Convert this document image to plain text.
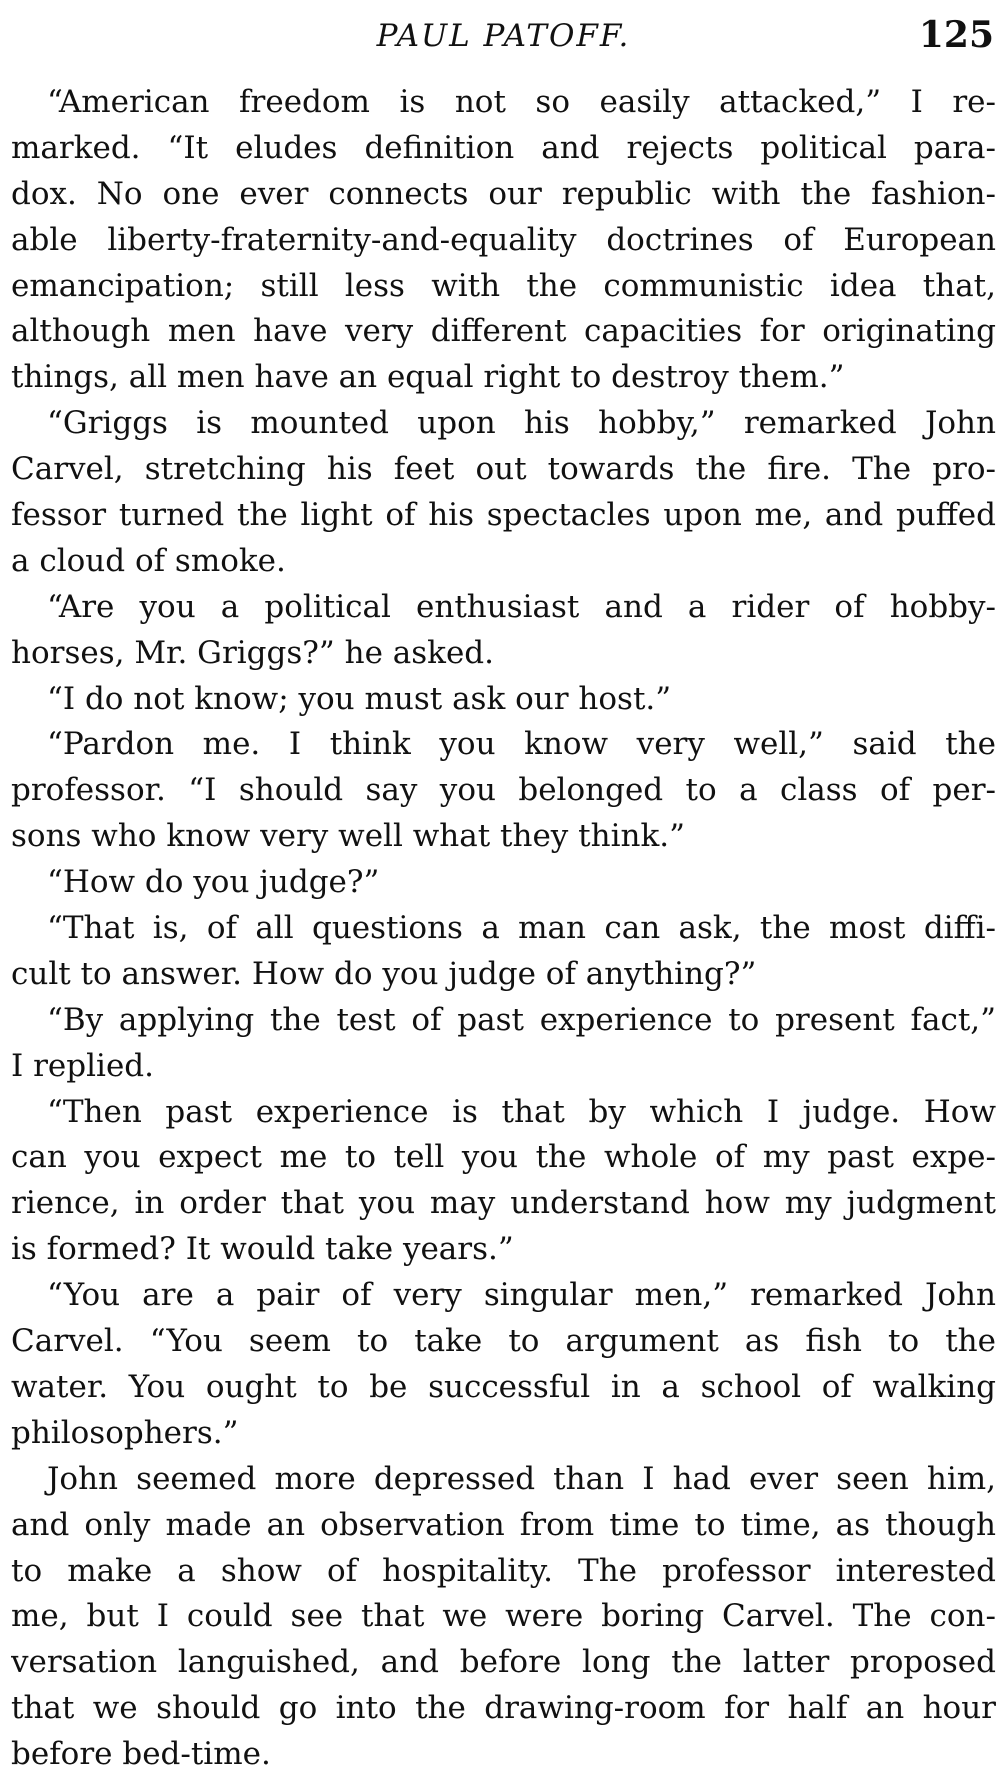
PAUL PATOFF.	125

“American freedom is not so easily attacked,” I re-
marked. “It eludes definition and rejects political para-
dox. No one ever connects our republic with the fashion-
able liberty-fraternity-and-equality doctrines of European
emancipation; still less with the communistic idea that,
although men have very different capacities for originating
things, all men have an equal right to destroy them.”

“Griggs is mounted upon his hobby,” remarked John
Carvel, stretching his feet out towards the fire. The pro-
fessor turned the light of his spectacles upon me, and puffed
a cloud of smoke.

“Are you a political enthusiast and a rider of hobby-
horses, Mr. Griggs?” he asked.

“I do not know; you must ask our host.”

“Pardon me. I think you know very well,” said the
professor. “I should say you belonged to a class of per-
sons who know very well what they think.”

“How do you judge?”

“That is, of all questions a man can ask, the most diffi-
cult to answer. How do you judge of anything?”

“By applying the test of past experience to present fact,”
I replied.

“Then past experience is that by which I judge. How
can you expect me to tell you the whole of my past expe-
rience, in order that you may understand how my judgment
is formed? It would take years.”

“You are a pair of very singular men,” remarked John
Carvel. “You seem to take to argument as fish to the
water. You ought to be successful in a school of walking
philosophers.”

John seemed more depressed than I had ever seen him,
and only made an observation from time to time, as though
to make a show of hospitality. The professor interested
me, but I could see that we were boring Carvel. The con-
versation languished, and before long the latter proposed
that we should go into the drawing-room for half an hour
before bed-time.
